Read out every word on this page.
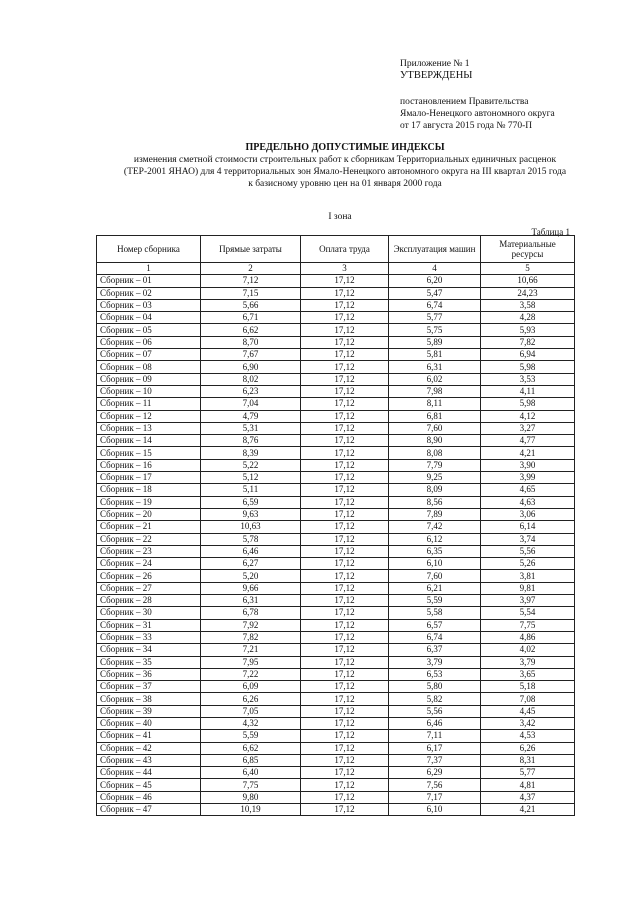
Приложение № 1
УТВЕРЖДЕНЫ
постановлением Правительства
Ямало-Ненецкого автономного округа
от 17 августа 2015 года № 770-П
ПРЕДЕЛЬНО ДОПУСТИМЫЕ ИНДЕКСЫ
изменения сметной стоимости строительных работ к сборникам Территориальных единичных расценок
(ТЕР-2001 ЯНАО) для 4 территориальных зон Ямало-Ненецкого автономного округа на III квартал 2015 года
к базисному уровню цен на 01 января 2000 года
I зона
Таблица 1
Номер сборника	Прямые затраты	Оплата труда	Эксплуатация машин	Материальные ресурсы
1	2	3	4	5
Сборник – 01	7,12	17,12	6,20	10,66
Сборник – 02	7,15	17,12	5,47	24,23
Сборник – 03	5,66	17,12	6,74	3,58
Сборник – 04	6,71	17,12	5,77	4,28
Сборник – 05	6,62	17,12	5,75	5,93
Сборник – 06	8,70	17,12	5,89	7,82
Сборник – 07	7,67	17,12	5,81	6,94
Сборник – 08	6,90	17,12	6,31	5,98
Сборник – 09	8,02	17,12	6,02	3,53
Сборник – 10	6,23	17,12	7,98	4,11
Сборник – 11	7,04	17,12	8,11	5,98
Сборник – 12	4,79	17,12	6,81	4,12
Сборник – 13	5,31	17,12	7,60	3,27
Сборник – 14	8,76	17,12	8,90	4,77
Сборник – 15	8,39	17,12	8,08	4,21
Сборник – 16	5,22	17,12	7,79	3,90
Сборник – 17	5,12	17,12	9,25	3,99
Сборник – 18	5,11	17,12	8,09	4,65
Сборник – 19	6,59	17,12	8,56	4,63
Сборник – 20	9,63	17,12	7,89	3,06
Сборник – 21	10,63	17,12	7,42	6,14
Сборник – 22	5,78	17,12	6,12	3,74
Сборник – 23	6,46	17,12	6,35	5,56
Сборник – 24	6,27	17,12	6,10	5,26
Сборник – 26	5,20	17,12	7,60	3,81
Сборник – 27	9,66	17,12	6,21	9,81
Сборник – 28	6,31	17,12	5,59	3,97
Сборник – 30	6,78	17,12	5,58	5,54
Сборник – 31	7,92	17,12	6,57	7,75
Сборник – 33	7,82	17,12	6,74	4,86
Сборник – 34	7,21	17,12	6,37	4,02
Сборник – 35	7,95	17,12	3,79	3,79
Сборник – 36	7,22	17,12	6,53	3,65
Сборник – 37	6,09	17,12	5,80	5,18
Сборник – 38	6,26	17,12	5,82	7,08
Сборник – 39	7,05	17,12	5,56	4,45
Сборник – 40	4,32	17,12	6,46	3,42
Сборник – 41	5,59	17,12	7,11	4,53
Сборник – 42	6,62	17,12	6,17	6,26
Сборник – 43	6,85	17,12	7,37	8,31
Сборник – 44	6,40	17,12	6,29	5,77
Сборник – 45	7,75	17,12	7,56	4,81
Сборник – 46	9,80	17,12	7,17	4,37
Сборник – 47	10,19	17,12	6,10	4,21
